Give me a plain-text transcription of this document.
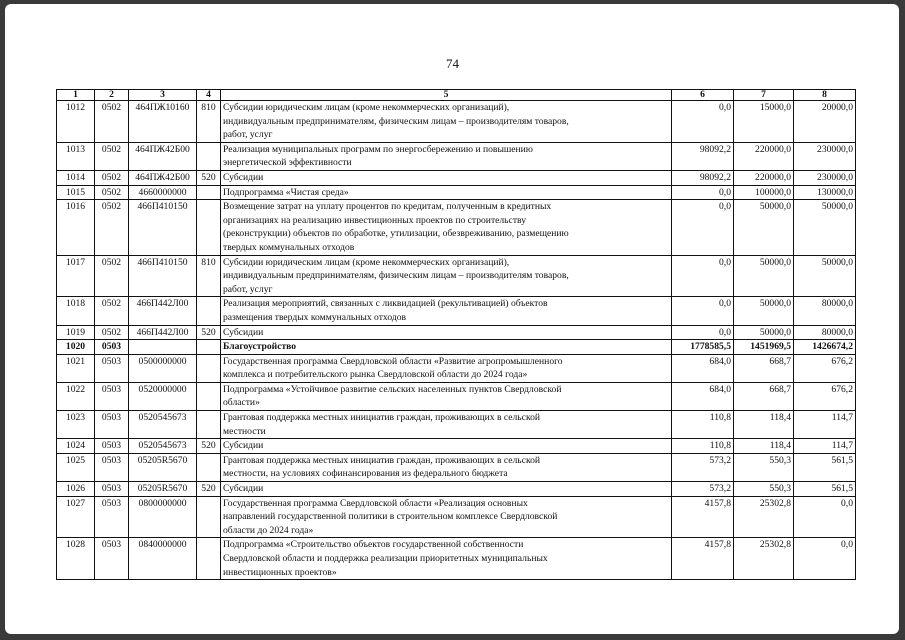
74
1	2	3	4	5	6	7	8
1012	0502	464ПЖ10160	810	Субсидии юридическим лицам (кроме некоммерческих организаций),
индивидуальным предпринимателям, физическим лицам – производителям товаров,
работ, услуг	0,0	15000,0	20000,0
1013	0502	464ПЖ42Б00		Реализация муниципальных программ по энергосбережению и повышению
энергетической эффективности	98092,2	220000,0	230000,0
1014	0502	464ПЖ42Б00	520	Субсидии	98092,2	220000,0	230000,0
1015	0502	4660000000		Подпрограмма «Чистая среда»	0,0	100000,0	130000,0
1016	0502	466П410150		Возмещение затрат на уплату процентов по кредитам, полученным в кредитных
организациях на реализацию инвестиционных проектов по строительству
(реконструкции) объектов по обработке, утилизации, обезвреживанию, размещению
твердых коммунальных отходов	0,0	50000,0	50000,0
1017	0502	466П410150	810	Субсидии юридическим лицам (кроме некоммерческих организаций),
индивидуальным предпринимателям, физическим лицам – производителям товаров,
работ, услуг	0,0	50000,0	50000,0
1018	0502	466П442Л00		Реализация мероприятий, связанных с ликвидацией (рекультивацией) объектов
размещения твердых коммунальных отходов	0,0	50000,0	80000,0
1019	0502	466П442Л00	520	Субсидии	0,0	50000,0	80000,0
1020	0503			Благоустройство	1778585,5	1451969,5	1426674,2
1021	0503	0500000000		Государственная программа Свердловской области «Развитие агропромышленного
комплекса и потребительского рынка Свердловской области до 2024 года»	684,0	668,7	676,2
1022	0503	0520000000		Подпрограмма «Устойчивое развитие сельских населенных пунктов Свердловской
области»	684,0	668,7	676,2
1023	0503	0520545673		Грантовая поддержка местных инициатив граждан, проживающих в сельской
местности	110,8	118,4	114,7
1024	0503	0520545673	520	Субсидии	110,8	118,4	114,7
1025	0503	05205R5670		Грантовая поддержка местных инициатив граждан, проживающих в сельской
местности, на условиях софинансирования из федерального бюджета	573,2	550,3	561,5
1026	0503	05205R5670	520	Субсидии	573,2	550,3	561,5
1027	0503	0800000000		Государственная программа Свердловской области «Реализация основных
направлений государственной политики в строительном комплексе Свердловской
области до 2024 года»	4157,8	25302,8	0,0
1028	0503	0840000000		Подпрограмма «Строительство объектов государственной собственности
Свердловской области и поддержка реализации приоритетных муниципальных
инвестиционных проектов»	4157,8	25302,8	0,0
